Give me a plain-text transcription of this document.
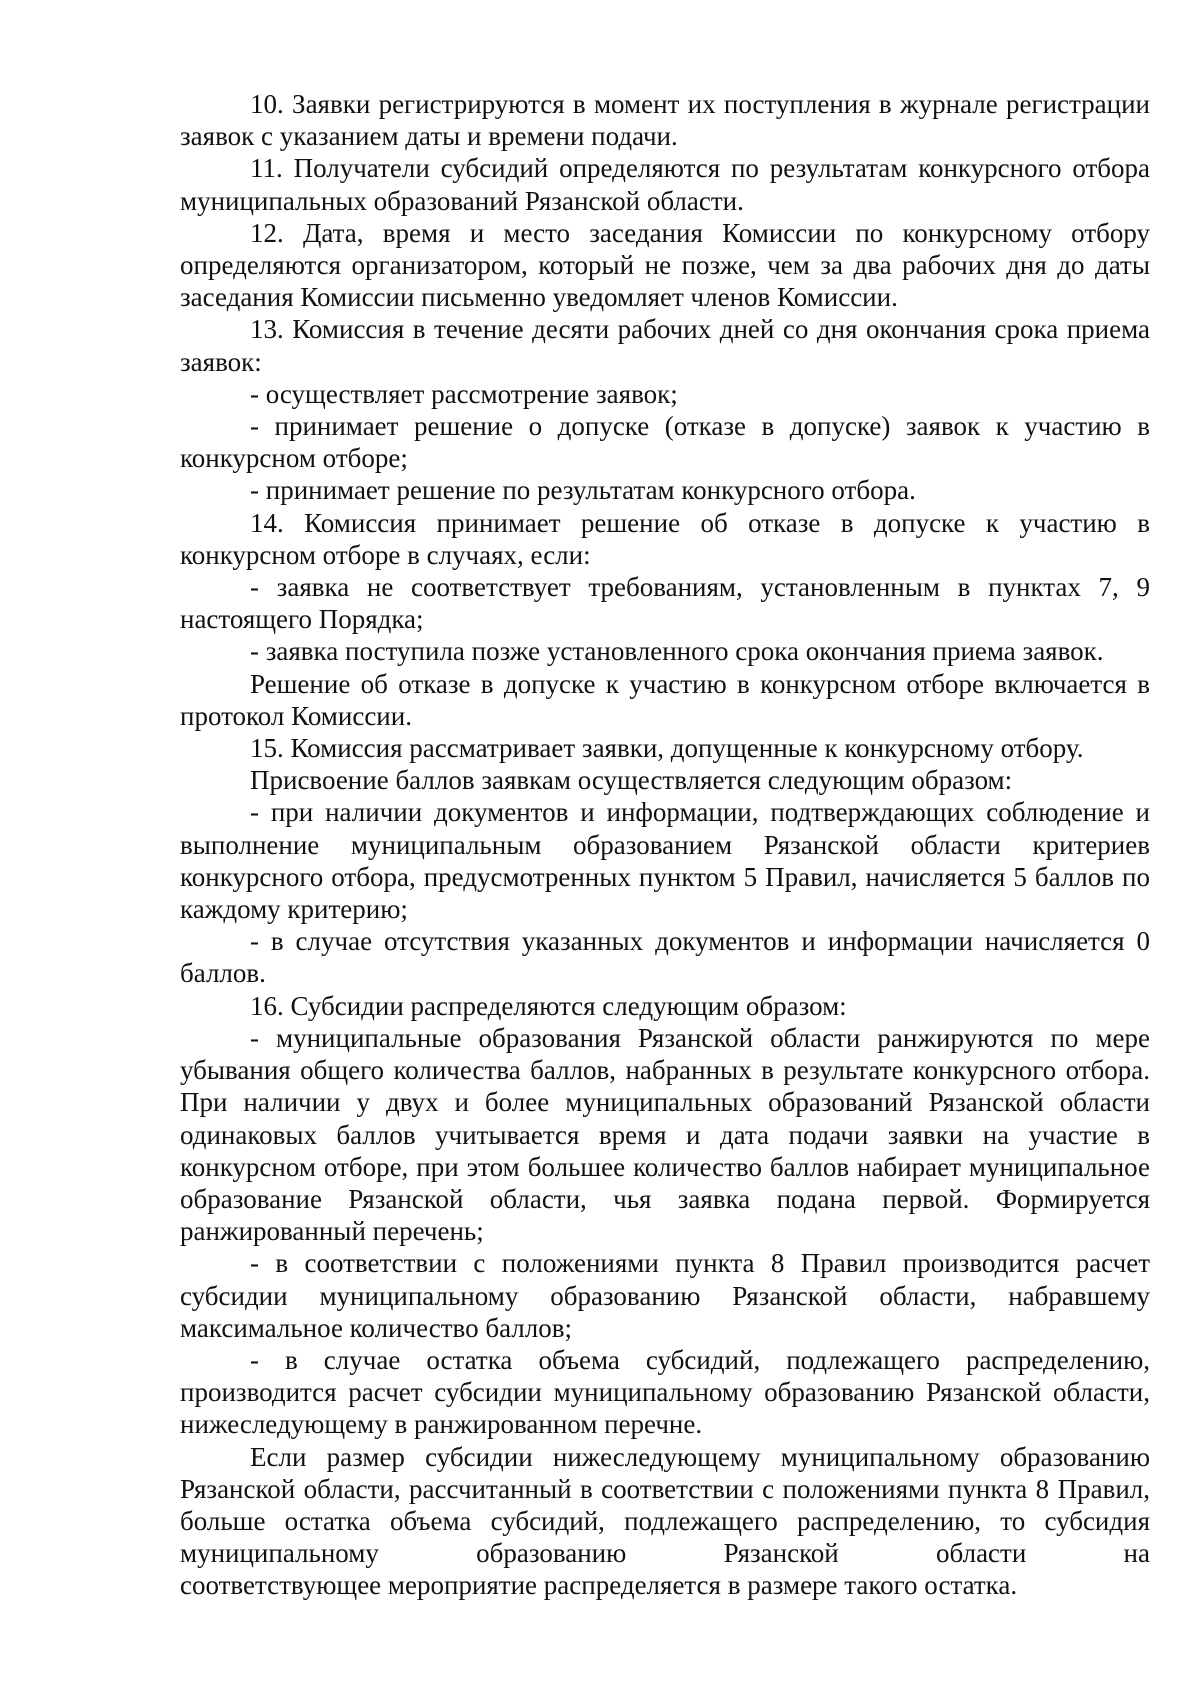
10. Заявки регистрируются в момент их поступления в журнале регистрации заявок с указанием даты и времени подачи.

11. Получатели субсидий определяются по результатам конкурсного отбора муниципальных образований Рязанской области.

12. Дата, время и место заседания Комиссии по конкурсному отбору определяются организатором, который не позже, чем за два рабочих дня до даты заседания Комиссии письменно уведомляет членов Комиссии.

13. Комиссия в течение десяти рабочих дней со дня окончания срока приема заявок:

- осуществляет рассмотрение заявок;

- принимает решение о допуске (отказе в допуске) заявок к участию в конкурсном отборе;

- принимает решение по результатам конкурсного отбора.

14. Комиссия принимает решение об отказе в допуске к участию в конкурсном отборе в случаях, если:

- заявка не соответствует требованиям, установленным в пунктах 7, 9 настоящего Порядка;

- заявка поступила позже установленного срока окончания приема заявок.

Решение об отказе в допуске к участию в конкурсном отборе включается в протокол Комиссии.

15. Комиссия рассматривает заявки, допущенные к конкурсному отбору.

Присвоение баллов заявкам осуществляется следующим образом:

- при наличии документов и информации, подтверждающих соблюдение и выполнение муниципальным образованием Рязанской области критериев конкурсного отбора, предусмотренных пунктом 5 Правил, начисляется 5 баллов по каждому критерию;

- в случае отсутствия указанных документов и информации начисляется 0 баллов.

16. Субсидии распределяются следующим образом:

- муниципальные образования Рязанской области ранжируются по мере убывания общего количества баллов, набранных в результате конкурсного отбора. При наличии у двух и более муниципальных образований Рязанской области одинаковых баллов учитывается время и дата подачи заявки на участие в конкурсном отборе, при этом большее количество баллов набирает муниципальное образование Рязанской области, чья заявка подана первой. Формируется ранжированный перечень;

- в соответствии с положениями пункта 8 Правил производится расчет субсидии муниципальному образованию Рязанской области, набравшему максимальное количество баллов;

- в случае остатка объема субсидий, подлежащего распределению, производится расчет субсидии муниципальному образованию Рязанской области, нижеследующему в ранжированном перечне.

Если размер субсидии нижеследующему муниципальному образованию Рязанской области, рассчитанный в соответствии с положениями пункта 8 Правил, больше остатка объема субсидий, подлежащего распределению, то субсидия муниципальному образованию Рязанской области на

соответствующее мероприятие распределяется в размере такого остатка.
